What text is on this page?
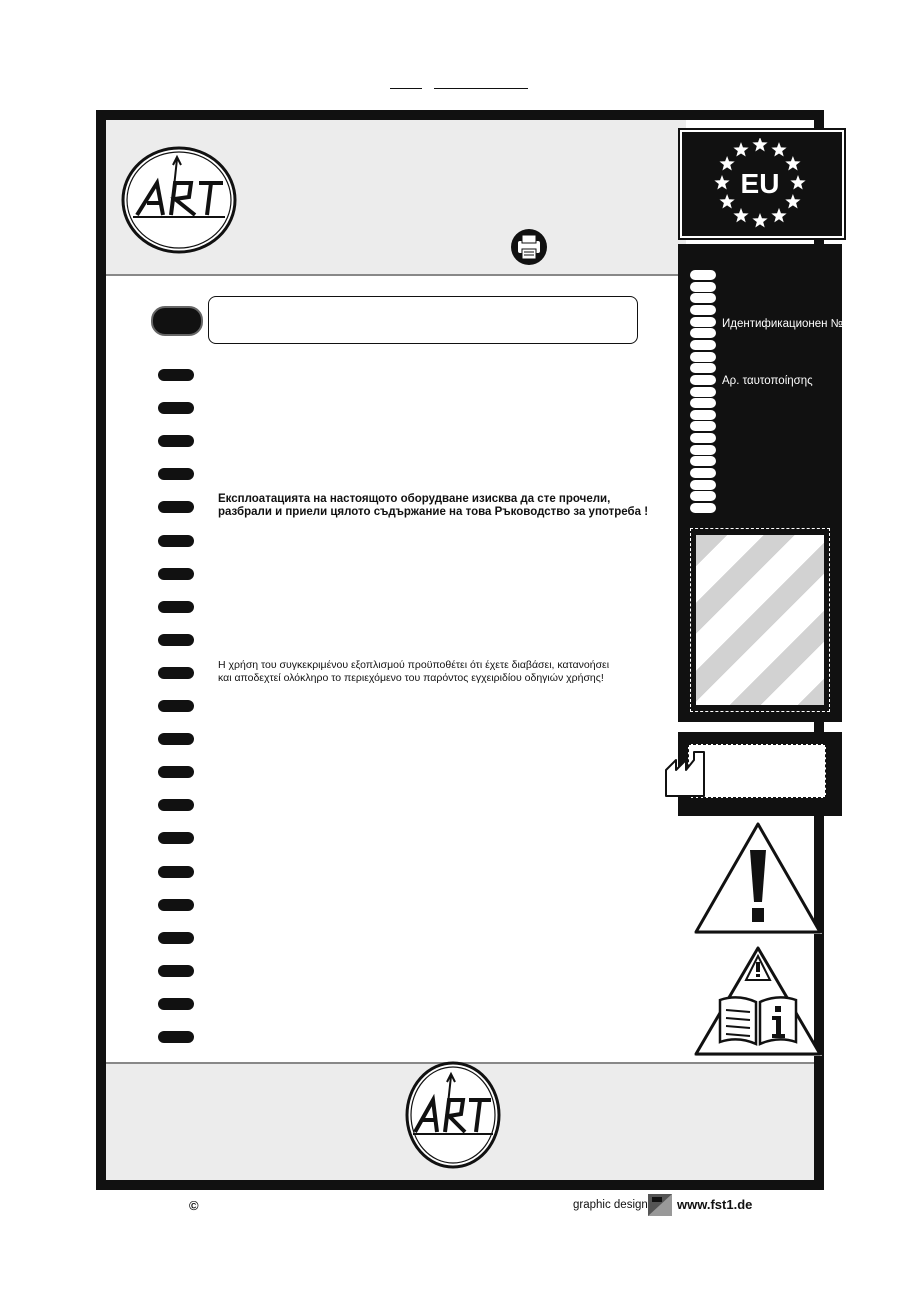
EU
Идентификационен №
Αρ. ταυτοποίησης
Експлоатацията на настоящото оборудване изисква да сте прочели,
разбрали и приели цялото съдържание на това Ръководство за употреба !
Η χρήση του συγκεκριμένου εξοπλισμού προϋποθέτει ότι έχετε διαβάσει, κατανοήσει
και αποδεχτεί ολόκληρο το περιεχόμενο του παρόντος εγχειριδίου οδηγιών χρήσης!
©	graphic design www.fst1.de
